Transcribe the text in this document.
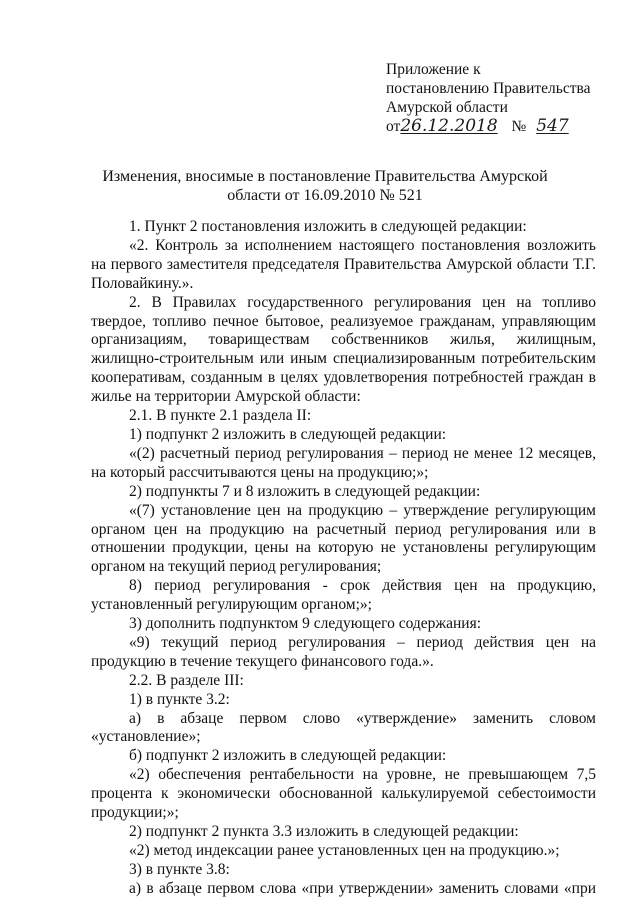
Приложение к
постановлению Правительства
Амурской области
от26.12.2018 № 547
Изменения, вносимые в постановление Правительства Амурской области от 16.09.2010 № 521

1. Пункт 2 постановления изложить в следующей редакции:

«2. Контроль за исполнением настоящего постановления возложить на первого заместителя председателя Правительства Амурской области Т.Г. Половайкину.».

2. В Правилах государственного регулирования цен на топливо твердое, топливо печное бытовое, реализуемое гражданам, управляющим организациям, товариществам собственников жилья, жилищным, жилищно-строительным или иным специализированным потребительским кооперативам, созданным в целях удовлетворения потребностей граждан в жилье на территории Амурской области:

2.1. В пункте 2.1 раздела II:

1) подпункт 2 изложить в следующей редакции:

«(2) расчетный период регулирования – период не менее 12 месяцев, на который рассчитываются цены на продукцию;»;

2) подпункты 7 и 8 изложить в следующей редакции:

«(7) установление цен на продукцию – утверждение регулирующим органом цен на продукцию на расчетный период регулирования или в отношении продукции, цены на которую не установлены регулирующим органом на текущий период регулирования;

8) период регулирования - срок действия цен на продукцию, установленный регулирующим органом;»;

3) дополнить подпунктом 9 следующего содержания:

«9) текущий период регулирования – период действия цен на продукцию в течение текущего финансового года.».

2.2. В разделе III:

1) в пункте 3.2:

а) в абзаце первом слово «утверждение» заменить словом «установление»;

б) подпункт 2 изложить в следующей редакции:

«2) обеспечения рентабельности на уровне, не превышающем 7,5 процента к экономически обоснованной калькулируемой себестоимости продукции;»;

2) подпункт 2 пункта 3.3 изложить в следующей редакции:

«2) метод индексации ранее установленных цен на продукцию.»;

3) в пункте 3.8:

а) в абзаце первом слова «при утверждении» заменить словами «при
